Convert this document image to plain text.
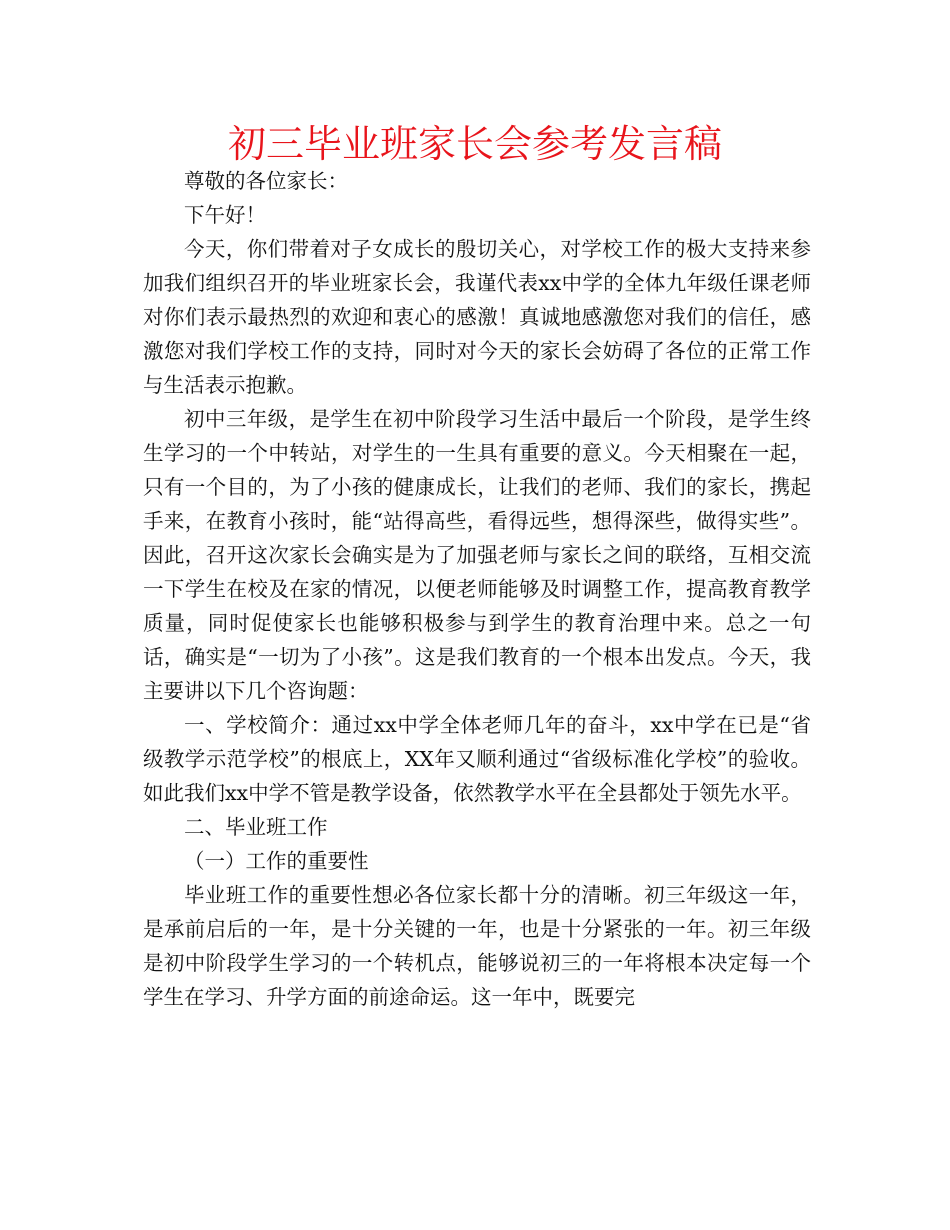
初三毕业班家长会参考发言稿

尊敬的各位家长：

下午好！

今天，你们带着对子女成长的殷切关心，对学校工作的极大支持来参加我们组织召开的毕业班家长会，我谨代表xx中学的全体九年级任课老师对你们表示最热烈的欢迎和衷心的感激！真诚地感激您对我们的信任，感激您对我们学校工作的支持，同时对今天的家长会妨碍了各位的正常工作与生活表示抱歉。

初中三年级，是学生在初中阶段学习生活中最后一个阶段，是学生终生学习的一个中转站，对学生的一生具有重要的意义。今天相聚在一起，只有一个目的，为了小孩的健康成长，让我们的老师、我们的家长，携起手来，在教育小孩时，能“站得高些，看得远些，想得深些，做得实些”。因此，召开这次家长会确实是为了加强老师与家长之间的联络，互相交流一下学生在校及在家的情况，以便老师能够及时调整工作，提高教育教学质量，同时促使家长也能够积极参与到学生的教育治理中来。总之一句话，确实是“一切为了小孩”。这是我们教育的一个根本出发点。今天，我主要讲以下几个咨询题：

一、学校简介：通过xx中学全体老师几年的奋斗，xx中学在已是“省级教学示范学校”的根底上，XX年又顺利通过“省级标准化学校”的验收。如此我们xx中学不管是教学设备，依然教学水平在全县都处于领先水平。

二、毕业班工作

（一）工作的重要性

毕业班工作的重要性想必各位家长都十分的清晰。初三年级这一年，是承前启后的一年，是十分关键的一年，也是十分紧张的一年。初三年级是初中阶段学生学习的一个转机点，能够说初三的一年将根本决定每一个学生在学习、升学方面的前途命运。这一年中，既要完
